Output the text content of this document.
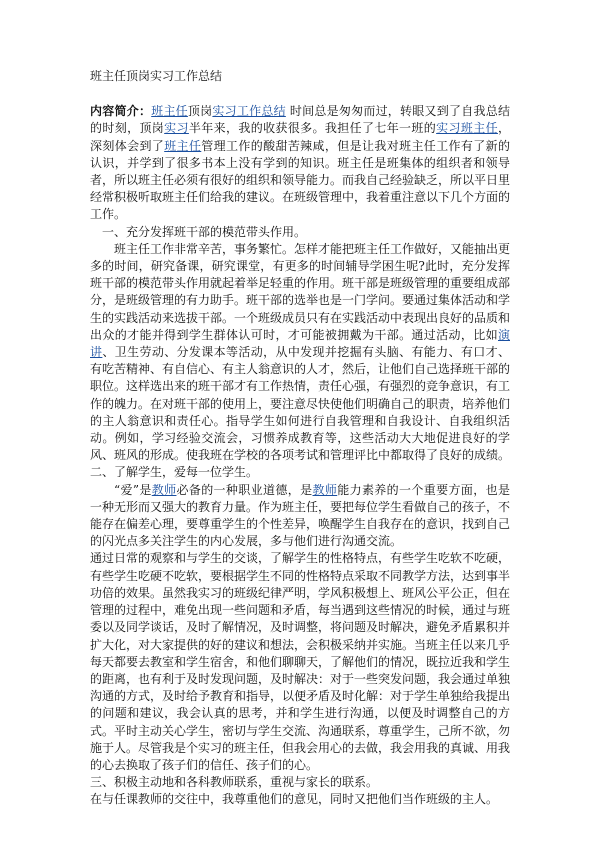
班主任顶岗实习工作总结

内容简介：班主任顶岗实习工作总结 时间总是匆匆而过，转眼又到了自我总结的时刻，顶岗实习半年来，我的收获很多。我担任了七年一班的实习班主任，深刻体会到了班主任管理工作的酸甜苦辣咸，但是让我对班主任工作有了新的认识，并学到了很多书本上没有学到的知识。班主任是班集体的组织者和领导者，所以班主任必须有很好的组织和领导能力。而我自己经验缺乏，所以平日里经常积极听取班主任们给我的建议。在班级管理中，我着重注意以下几个方面的工作。

一、充分发挥班干部的模范带头作用。

班主任工作非常辛苦，事务繁忙。怎样才能把班主任工作做好，又能抽出更多的时间，研究备课，研究课堂，有更多的时间辅导学困生呢?此时，充分发挥班干部的模范带头作用就起着举足轻重的作用。班干部是班级管理的重要组成部分，是班级管理的有力助手。班干部的选举也是一门学问。要通过集体活动和学生的实践活动来选拔干部。一个班级成员只有在实践活动中表现出良好的品质和出众的才能并得到学生群体认可时，才可能被拥戴为干部。通过活动，比如演讲、卫生劳动、分发课本等活动，从中发现并挖掘有头脑、有能力、有口才、有吃苦精神、有自信心、有主人翁意识的人才，然后，让他们自己选择班干部的职位。这样选出来的班干部才有工作热情，责任心强，有强烈的竞争意识，有工作的魄力。在对班干部的使用上，要注意尽快使他们明确自己的职责，培养他们的主人翁意识和责任心。指导学生如何进行自我管理和自我设计、自我组织活动。例如，学习经验交流会，习惯养成教育等，这些活动大大地促进良好的学风、班风的形成。使我班在学校的各项考试和管理评比中都取得了良好的成绩。

二、了解学生，爱每一位学生。

“爱”是教师必备的一种职业道德，是教师能力素养的一个重要方面，也是一种无形而又强大的教育力量。作为班主任，要把每位学生看做自己的孩子，不能存在偏差心理，要尊重学生的个性差异，唤醒学生自我存在的意识，找到自己的闪光点多关注学生的内心发展，多与他们进行沟通交流。

通过日常的观察和与学生的交谈，了解学生的性格特点，有些学生吃软不吃硬，有些学生吃硬不吃软，要根据学生不同的性格特点采取不同教学方法，达到事半功倍的效果。虽然我实习的班级纪律严明，学风积极想上、班风公平公正，但在管理的过程中，难免出现一些问题和矛盾，每当遇到这些情况的时候，通过与班委以及同学谈话，及时了解情况，及时调整，将问题及时解决，避免矛盾累积并扩大化，对大家提供的好的建议和想法，会积极采纳并实施。当班主任以来几乎每天都要去教室和学生宿舍，和他们聊聊天，了解他们的情况，既拉近我和学生的距离，也有利于及时发现问题，及时解决：对于一些突发问题，我会通过单独沟通的方式，及时给予教育和指导，以便矛盾及时化解：对于学生单独给我提出的问题和建议，我会认真的思考，并和学生进行沟通，以便及时调整自己的方式。平时主动关心学生，密切与学生交流、沟通联系，尊重学生，己所不欲，勿施于人。尽管我是个实习的班主任，但我会用心的去做，我会用我的真诚、用我的心去换取了孩子们的信任、孩子们的心。

三、积极主动地和各科教师联系，重视与家长的联系。

在与任课教师的交往中，我尊重他们的意见，同时又把他们当作班级的主人。
